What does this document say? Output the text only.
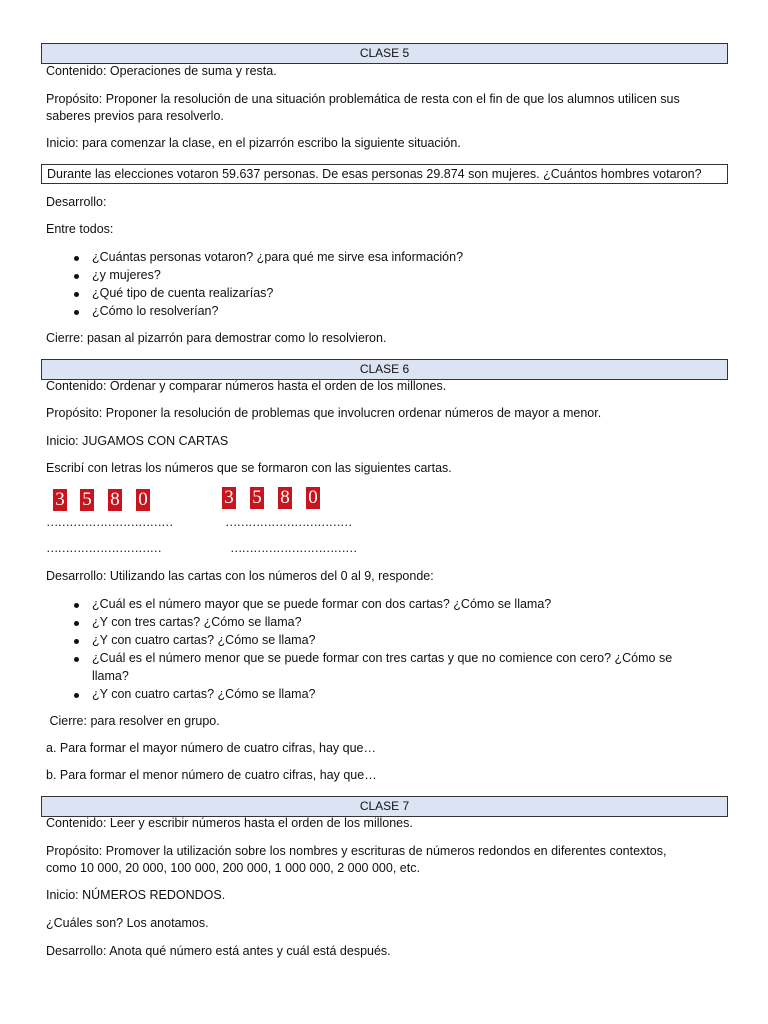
CLASE 5
Contenido: Operaciones de suma y resta.
Propósito: Proponer la resolución de una situación problemática de resta con el fin de que los alumnos utilicen sus
saberes previos para resolverlo.
Inicio: para comenzar la clase, en el pizarrón escribo la siguiente situación.
Durante las elecciones votaron 59.637 personas. De esas personas 29.874 son mujeres. ¿Cuántos hombres votaron?
Desarrollo:
Entre todos:
¿Cuántas personas votaron? ¿para qué me sirve esa información?
¿y mujeres?
¿Qué tipo de cuenta realizarías?
¿Cómo lo resolverían?
Cierre: pasan al pizarrón para demostrar como lo resolvieron.
CLASE 6
Contenido: Ordenar y comparar números hasta el orden de los millones.
Propósito: Proponer la resolución de problemas que involucren ordenar números de mayor a menor.
Inicio: JUGAMOS CON CARTAS
Escribí con letras los números que se formaron con las siguientes cartas.
3 5 8 0	3 5 8 0
……………………………	……………………………
…………………………	……………………………
Desarrollo: Utilizando las cartas con los números del 0 al 9, responde:
¿Cuál es el número mayor que se puede formar con dos cartas? ¿Cómo se llama?
¿Y con tres cartas? ¿Cómo se llama?
¿Y con cuatro cartas? ¿Cómo se llama?
¿Cuál es el número menor que se puede formar con tres cartas y que no comience con cero? ¿Cómo se
llama?
¿Y con cuatro cartas? ¿Cómo se llama?
Cierre: para resolver en grupo.
a. Para formar el mayor número de cuatro cifras, hay que…
b. Para formar el menor número de cuatro cifras, hay que…
CLASE 7
Contenido: Leer y escribir números hasta el orden de los millones.
Propósito: Promover la utilización sobre los nombres y escrituras de números redondos en diferentes contextos,
como 10 000, 20 000, 100 000, 200 000, 1 000 000, 2 000 000, etc.
Inicio: NÚMEROS REDONDOS.
¿Cuáles son? Los anotamos.
Desarrollo: Anota qué número está antes y cuál está después.
